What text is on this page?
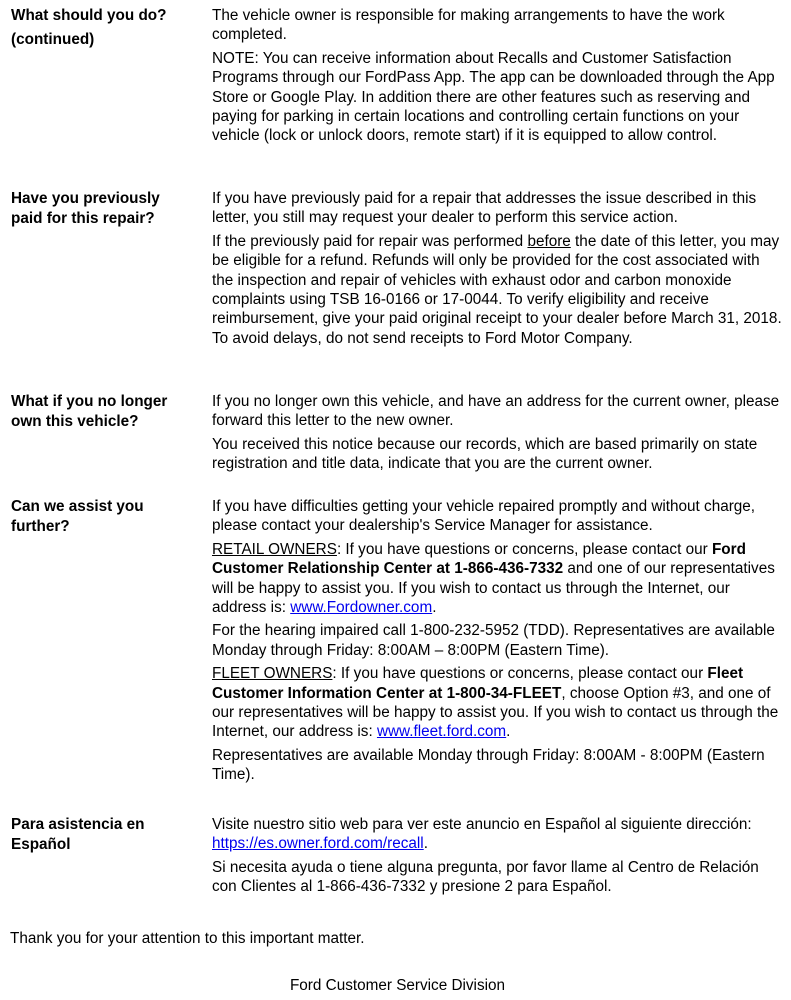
What should you do?
(continued)

The vehicle owner is responsible for making arrangements to have the work completed.

NOTE: You can receive information about Recalls and Customer Satisfaction Programs through our FordPass App. The app can be downloaded through the App Store or Google Play. In addition there are other features such as reserving and paying for parking in certain locations and controlling certain functions on your vehicle (lock or unlock doors, remote start) if it is equipped to allow control.

Have you previously
paid for this repair?

If you have previously paid for a repair that addresses the issue described in this letter, you still may request your dealer to perform this service action.

If the previously paid for repair was performed before the date of this letter, you may be eligible for a refund. Refunds will only be provided for the cost associated with the inspection and repair of vehicles with exhaust odor and carbon monoxide complaints using TSB 16-0166 or 17-0044. To verify eligibility and receive reimbursement, give your paid original receipt to your dealer before March 31, 2018. To avoid delays, do not send receipts to Ford Motor Company.

What if you no longer
own this vehicle?

If you no longer own this vehicle, and have an address for the current owner, please forward this letter to the new owner.

You received this notice because our records, which are based primarily on state registration and title data, indicate that you are the current owner.

Can we assist you
further?

If you have difficulties getting your vehicle repaired promptly and without charge, please contact your dealership's Service Manager for assistance.

RETAIL OWNERS: If you have questions or concerns, please contact our Ford Customer Relationship Center at 1-866-436-7332 and one of our representatives will be happy to assist you. If you wish to contact us through the Internet, our address is: www.Fordowner.com.

For the hearing impaired call 1-800-232-5952 (TDD). Representatives are available Monday through Friday: 8:00AM – 8:00PM (Eastern Time).

FLEET OWNERS: If you have questions or concerns, please contact our Fleet Customer Information Center at 1-800-34-FLEET, choose Option #3, and one of our representatives will be happy to assist you. If you wish to contact us through the Internet, our address is: www.fleet.ford.com.

Representatives are available Monday through Friday: 8:00AM - 8:00PM (Eastern Time).

Para asistencia en
Español

Visite nuestro sitio web para ver este anuncio en Español al siguiente dirección: https://es.owner.ford.com/recall.

Si necesita ayuda o tiene alguna pregunta, por favor llame al Centro de Relación con Clientes al 1-866-436-7332 y presione 2 para Español.

Thank you for your attention to this important matter.
Ford Customer Service Division
